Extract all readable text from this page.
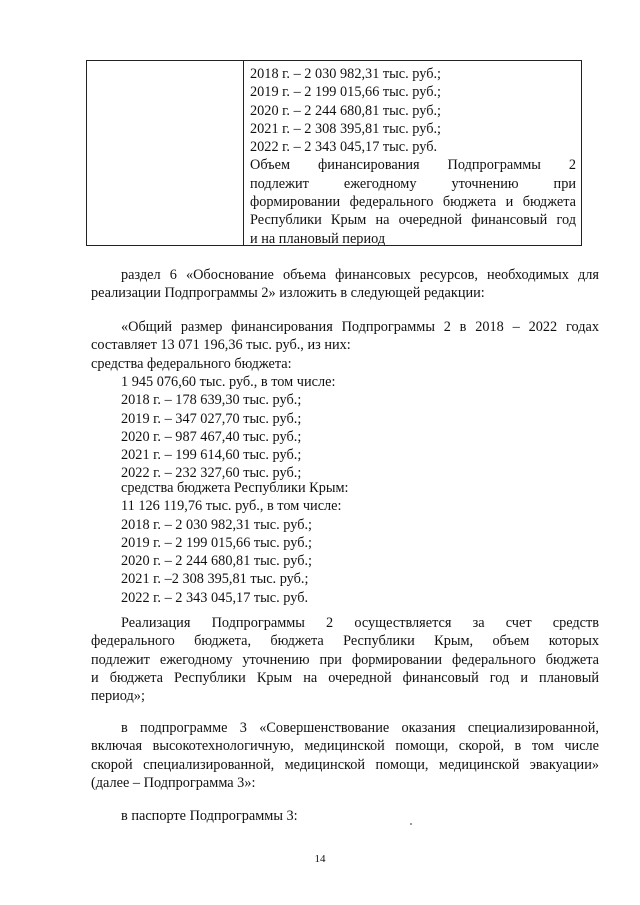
2018 г. – 2 030 982,31 тыс. руб.;
2019 г. – 2 199 015,66 тыс. руб.;
2020 г. – 2 244 680,81 тыс. руб.;
2021 г. – 2 308 395,81 тыс. руб.;
2022 г. – 2 343 045,17 тыс. руб.
Объем финансирования Подпрограммы 2
подлежит ежегодному уточнению при
формировании федерального бюджета и бюджета
Республики Крым на очередной финансовый год
и на плановый период
раздел 6 «Обоснование объема финансовых ресурсов, необходимых для
реализации Подпрограммы 2» изложить в следующей редакции:
«Общий размер финансирования Подпрограммы 2 в 2018 – 2022 годах
составляет 13 071 196,36 тыс. руб., из них:
средства федерального бюджета:
1 945 076,60 тыс. руб., в том числе:
2018 г. – 178 639,30 тыс. руб.;
2019 г. – 347 027,70 тыс. руб.;
2020 г. – 987 467,40 тыс. руб.;
2021 г. – 199 614,60 тыс. руб.;
2022 г. – 232 327,60 тыс. руб.;
средства бюджета Республики Крым:
11 126 119,76 тыс. руб., в том числе:
2018 г. – 2 030 982,31 тыс. руб.;
2019 г. – 2 199 015,66 тыс. руб.;
2020 г. – 2 244 680,81 тыс. руб.;
2021 г. –2 308 395,81 тыс. руб.;
2022 г. – 2 343 045,17 тыс. руб.
Реализация Подпрограммы 2 осуществляется за счет средств
федерального бюджета, бюджета Республики Крым, объем которых
подлежит ежегодному уточнению при формировании федерального бюджета
и бюджета Республики Крым на очередной финансовый год и плановый
период»;
в подпрограмме 3 «Совершенствование оказания специализированной,
включая высокотехнологичную, медицинской помощи, скорой, в том числе
скорой специализированной, медицинской помощи, медицинской эвакуации»
(далее – Подпрограмма 3»:
в паспорте Подпрограммы 3:
14
